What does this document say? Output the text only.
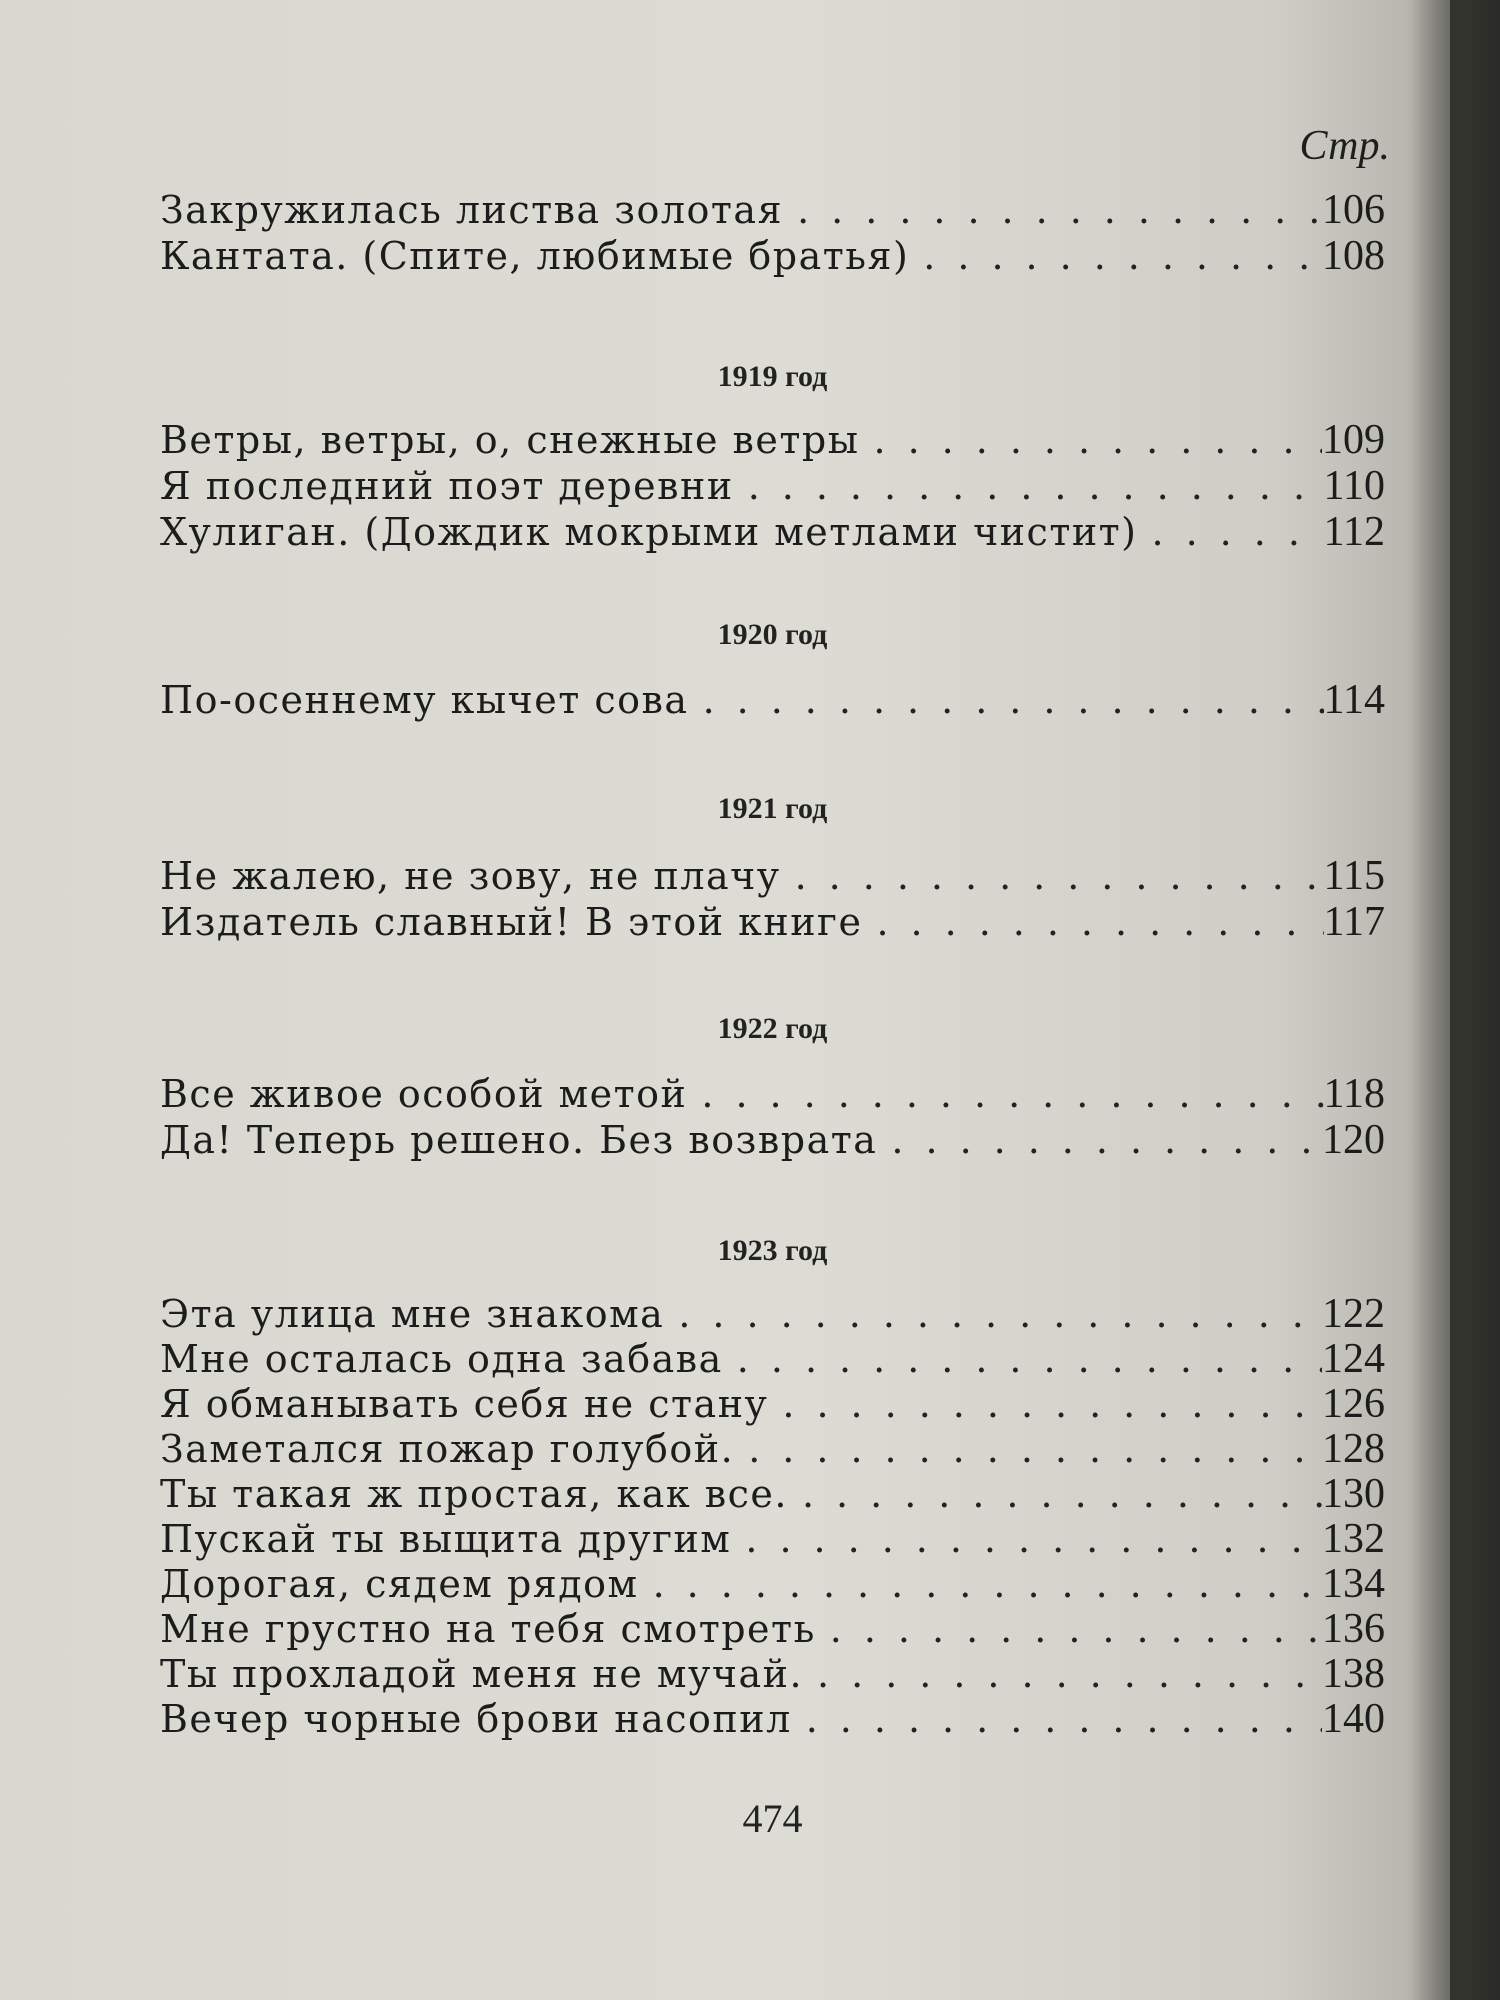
Стр.
Закружилась листва золотая .....	106
Кантата. (Спите, любимые братья) .....	108
1919 год
Ветры, ветры, о, снежные ветры .....	109
Я последний поэт деревни .....	110
Хулиган. (Дождик мокрыми метлами чистит) .....	112
1920 год
По-осеннему кычет сова .....	114
1921 год
Не жалею, не зову, не плачу .....	115
Издатель славный! В этой книге .....	117
1922 год
Все живое особой метой .....	118
Да! Теперь решено. Без возврата .....	120
1923 год
Эта улица мне знакома .....	122
Мне осталась одна забава .....	124
Я обманывать себя не стану .....	126
Заметался пожар голубой. .....	128
Ты такая ж простая, как все. .....	130
Пускай ты выщита другим .....	132
Дорогая, сядем рядом .....	134
Мне грустно на тебя смотреть .....	136
Ты прохладой меня не мучай. .....	138
Вечер чорные брови насопил .....	140
474
